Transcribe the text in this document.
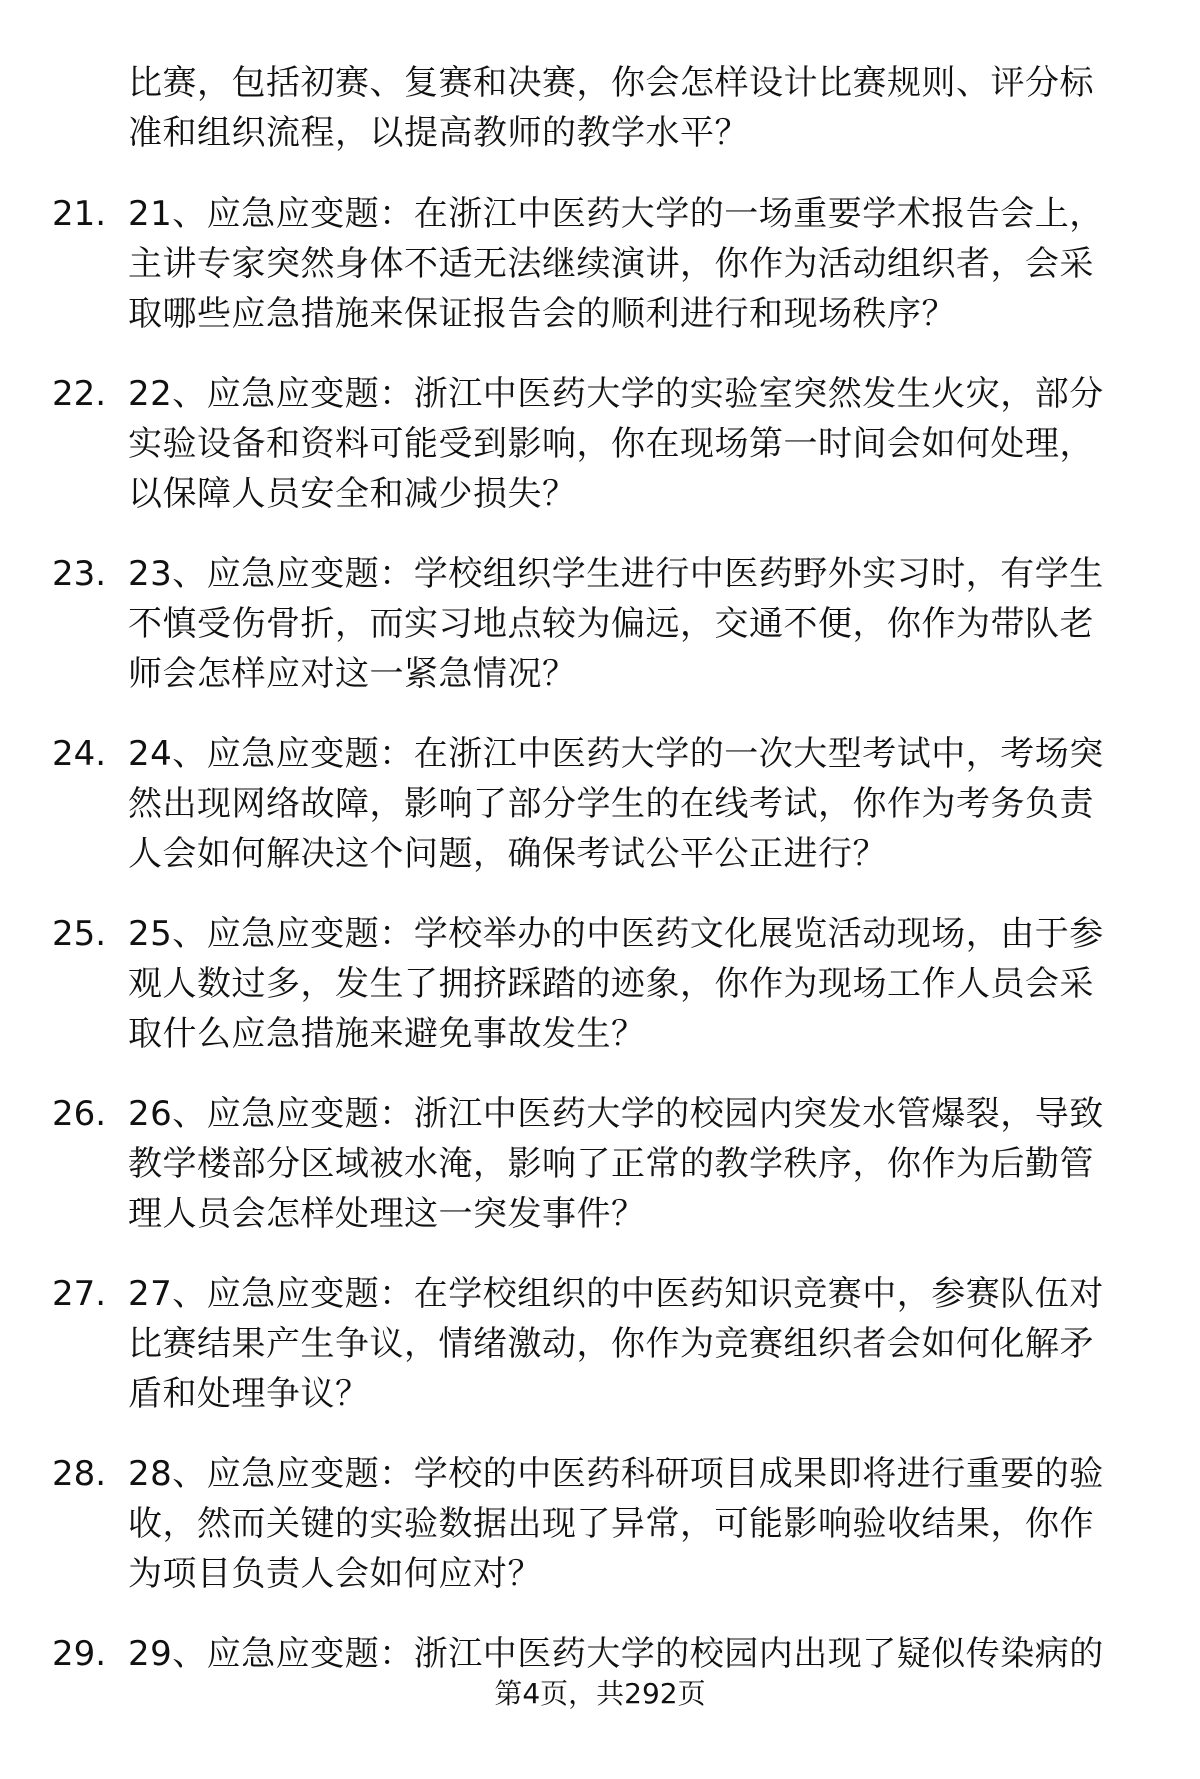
比赛，包括初赛、复赛和决赛，你会怎样设计比赛规则、评分标
准和组织流程，以提高教师的教学水平？
21. 21、应急应变题：在浙江中医药大学的一场重要学术报告会上，
主讲专家突然身体不适无法继续演讲，你作为活动组织者，会采
取哪些应急措施来保证报告会的顺利进行和现场秩序？
22. 22、应急应变题：浙江中医药大学的实验室突然发生火灾，部分
实验设备和资料可能受到影响，你在现场第一时间会如何处理，
以保障人员安全和减少损失？
23. 23、应急应变题：学校组织学生进行中医药野外实习时，有学生
不慎受伤骨折，而实习地点较为偏远，交通不便，你作为带队老
师会怎样应对这一紧急情况？
24. 24、应急应变题：在浙江中医药大学的一次大型考试中，考场突
然出现网络故障，影响了部分学生的在线考试，你作为考务负责
人会如何解决这个问题，确保考试公平公正进行？
25. 25、应急应变题：学校举办的中医药文化展览活动现场，由于参
观人数过多，发生了拥挤踩踏的迹象，你作为现场工作人员会采
取什么应急措施来避免事故发生？
26. 26、应急应变题：浙江中医药大学的校园内突发水管爆裂，导致
教学楼部分区域被水淹，影响了正常的教学秩序，你作为后勤管
理人员会怎样处理这一突发事件？
27. 27、应急应变题：在学校组织的中医药知识竞赛中，参赛队伍对
比赛结果产生争议，情绪激动，你作为竞赛组织者会如何化解矛
盾和处理争议？
28. 28、应急应变题：学校的中医药科研项目成果即将进行重要的验
收，然而关键的实验数据出现了异常，可能影响验收结果，你作
为项目负责人会如何应对？
29. 29、应急应变题：浙江中医药大学的校园内出现了疑似传染病的
第4页，共292页
